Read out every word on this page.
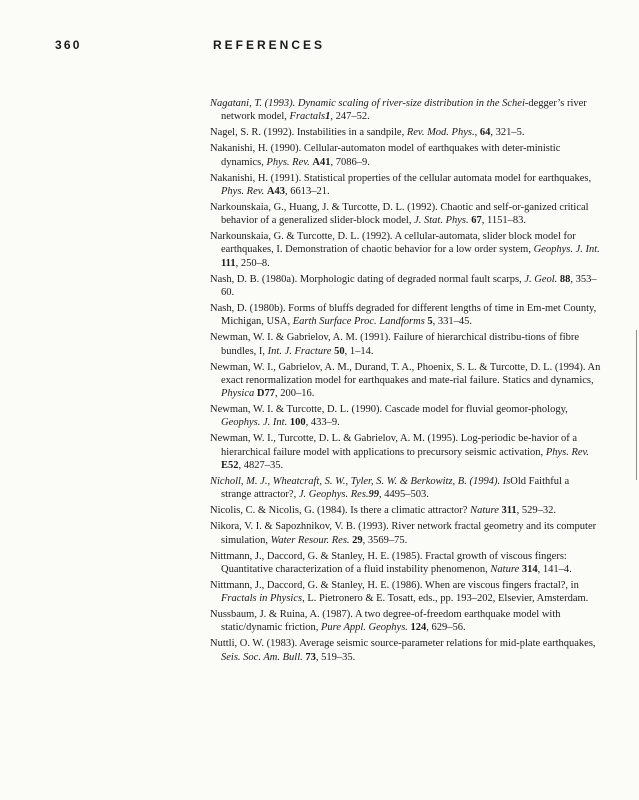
360	REFERENCES
Nagatani, T. (1993). Dynamic scaling of river-size distribution in the Schei-degger’s river network model, Fractals1, 247–52.
Nagel, S. R. (1992). Instabilities in a sandpile, Rev. Mod. Phys., 64, 321–5.
Nakanishi, H. (1990). Cellular-automaton model of earthquakes with deter-ministic dynamics, Phys. Rev. A41, 7086–9.
Nakanishi, H. (1991). Statistical properties of the cellular automata model for earthquakes, Phys. Rev. A43, 6613–21.
Narkounskaia, G., Huang, J. & Turcotte, D. L. (1992). Chaotic and self-or-ganized critical behavior of a generalized slider-block model, J. Stat. Phys. 67, 1151–83.
Narkounskaia, G. & Turcotte, D. L. (1992). A cellular-automata, slider block model for earthquakes, I. Demonstration of chaotic behavior for a low order system, Geophys. J. Int. 111, 250–8.
Nash, D. B. (1980a). Morphologic dating of degraded normal fault scarps, J. Geol. 88, 353–60.
Nash, D. (1980b). Forms of bluffs degraded for different lengths of time in Em-met County, Michigan, USA, Earth Surface Proc. Landforms 5, 331–45.
Newman, W. I. & Gabrielov, A. M. (1991). Failure of hierarchical distribu-tions of fibre bundles, I, Int. J. Fracture 50, 1–14.
Newman, W. I., Gabrielov, A. M., Durand, T. A., Phoenix, S. L. & Turcotte, D. L. (1994). An exact renormalization model for earthquakes and mate-rial failure. Statics and dynamics, Physica D77, 200–16.
Newman, W. I. & Turcotte, D. L. (1990). Cascade model for fluvial geomor-phology, Geophys. J. Int. 100, 433–9.
Newman, W. I., Turcotte, D. L. & Gabrielov, A. M. (1995). Log-periodic be-havior of a hierarchical failure model with applications to precursory seismic activation, Phys. Rev. E52, 4827–35.
Nicholl, M. J., Wheatcraft, S. W., Tyler, S. W. & Berkowitz, B. (1994). IsOld Faithful a strange attractor?, J. Geophys. Res.99, 4495–503.
Nicolis, C. & Nicolis, G. (1984). Is there a climatic attractor? Nature 311, 529–32.
Nikora, V. I. & Sapozhnikov, V. B. (1993). River network fractal geometry and its computer simulation, Water Resour. Res. 29, 3569–75.
Nittmann, J., Daccord, G. & Stanley, H. E. (1985). Fractal growth of viscous fingers: Quantitative characterization of a fluid instability phenomenon, Nature 314, 141–4.
Nittmann, J., Daccord, G. & Stanley, H. E. (1986). When are viscous fingers fractal?, in Fractals in Physics, L. Pietronero & E. Tosatt, eds., pp. 193–202, Elsevier, Amsterdam.
Nussbaum, J. & Ruina, A. (1987). A two degree-of-freedom earthquake model with static/dynamic friction, Pure Appl. Geophys. 124, 629–56.
Nuttli, O. W. (1983). Average seismic source-parameter relations for mid-plate earthquakes, Seis. Soc. Am. Bull. 73, 519–35.
